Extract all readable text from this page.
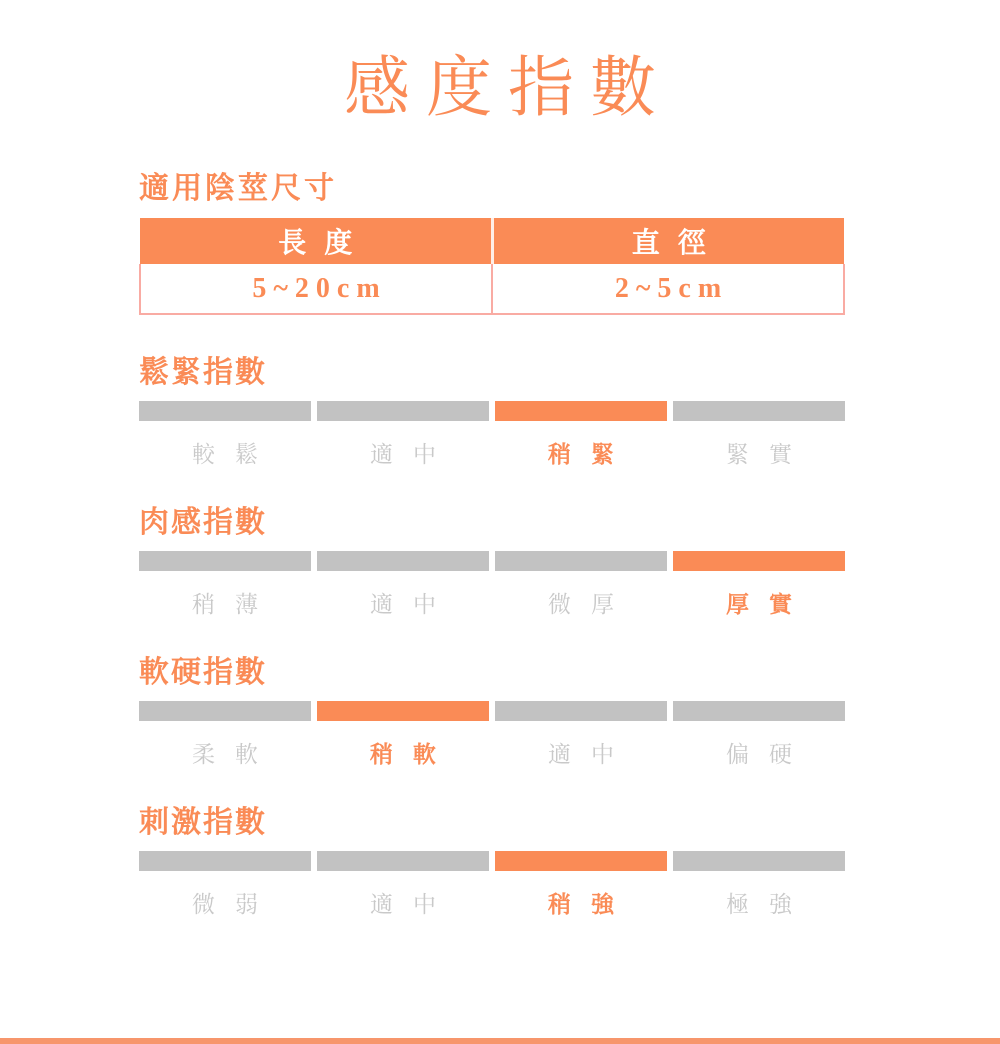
感度指數
適用陰莖尺寸
長度	直徑
5~20cm	2~5cm
鬆緊指數
較鬆	適中	稍緊	緊實
肉感指數
稍薄	適中	微厚	厚實
軟硬指數
柔軟	稍軟	適中	偏硬
刺激指數
微弱	適中	稍強	極強
